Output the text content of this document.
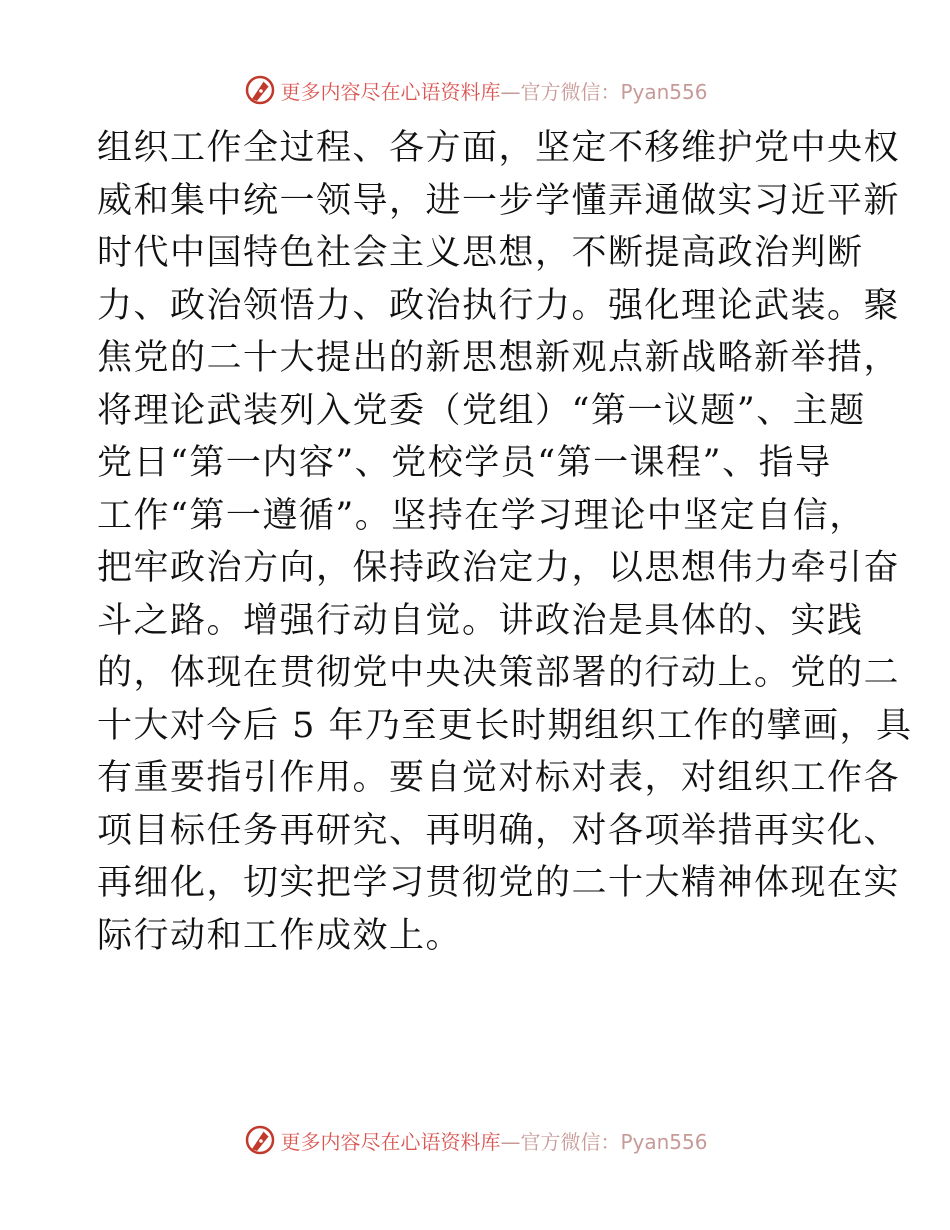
更多内容尽在心语资料库—官方微信：Pyan556
组织工作全过程、各方面，坚定不移维护党中央权
威和集中统一领导，进一步学懂弄通做实习近平新
时代中国特色社会主义思想，不断提高政治判断
力、政治领悟力、政治执行力。强化理论武装。聚
焦党的二十大提出的新思想新观点新战略新举措，
将理论武装列入党委（党组）“第一议题”、主题
党日“第一内容”、党校学员“第一课程”、指导
工作“第一遵循”。坚持在学习理论中坚定自信，
把牢政治方向，保持政治定力，以思想伟力牵引奋
斗之路。增强行动自觉。讲政治是具体的、实践
的，体现在贯彻党中央决策部署的行动上。党的二
十大对今后 5 年乃至更长时期组织工作的擘画，具
有重要指引作用。要自觉对标对表，对组织工作各
项目标任务再研究、再明确，对各项举措再实化、
再细化，切实把学习贯彻党的二十大精神体现在实
际行动和工作成效上。
更多内容尽在心语资料库—官方微信：Pyan556
